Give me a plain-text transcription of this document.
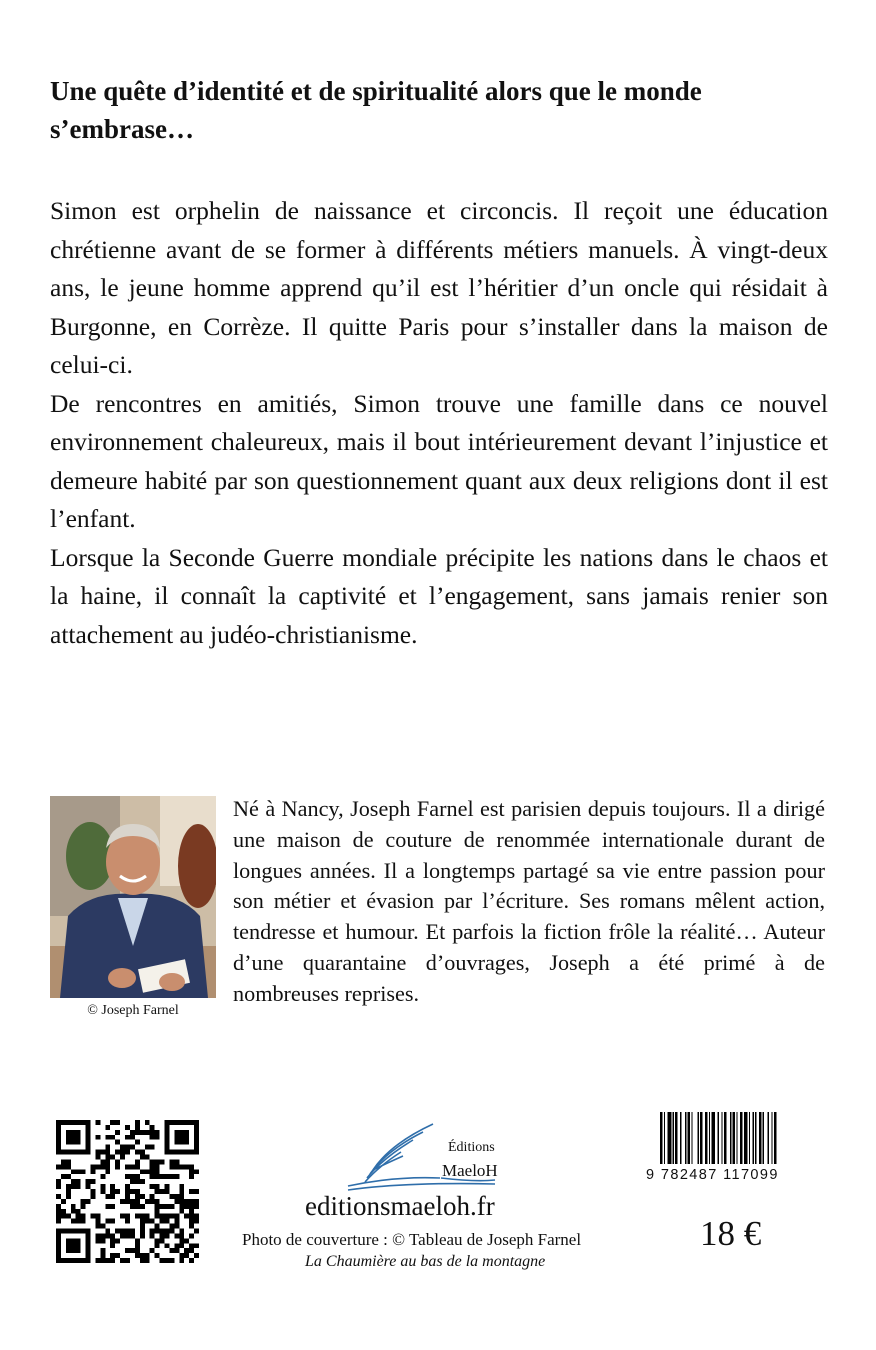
Une quête d’identité et de spiritualité alors que le monde s’embrase…

Simon est orphelin de naissance et circoncis. Il reçoit une éducation chrétienne avant de se former à différents métiers manuels. À vingt-deux ans, le jeune homme apprend qu’il est l’héritier d’un oncle qui résidait à Burgonne, en Corrèze. Il quitte Paris pour s’installer dans la maison de celui-ci.

De rencontres en amitiés, Simon trouve une famille dans ce nouvel environnement chaleureux, mais il bout intérieurement devant l’injustice et demeure habité par son questionnement quant aux deux religions dont il est l’enfant.

Lorsque la Seconde Guerre mondiale précipite les nations dans le chaos et la haine, il connaît la captivité et l’engagement, sans jamais renier son attachement au judéo-christianisme.

© Joseph Farnel

Né à Nancy, Joseph Farnel est parisien depuis toujours. Il a dirigé une maison de couture de renommée internationale durant de longues années. Il a longtemps partagé sa vie entre passion pour son métier et évasion par l’écriture. Ses romans mêlent action, tendresse et humour. Et parfois la fiction frôle la réalité… Auteur d’une quarantaine d’ouvrages, Joseph a été primé à de nombreuses reprises.

Éditions
MaeloH
editionsmaeloh.fr
Photo de couverture : © Tableau de Joseph Farnel
La Chaumière au bas de la montagne
9 782487 117099
18 €
